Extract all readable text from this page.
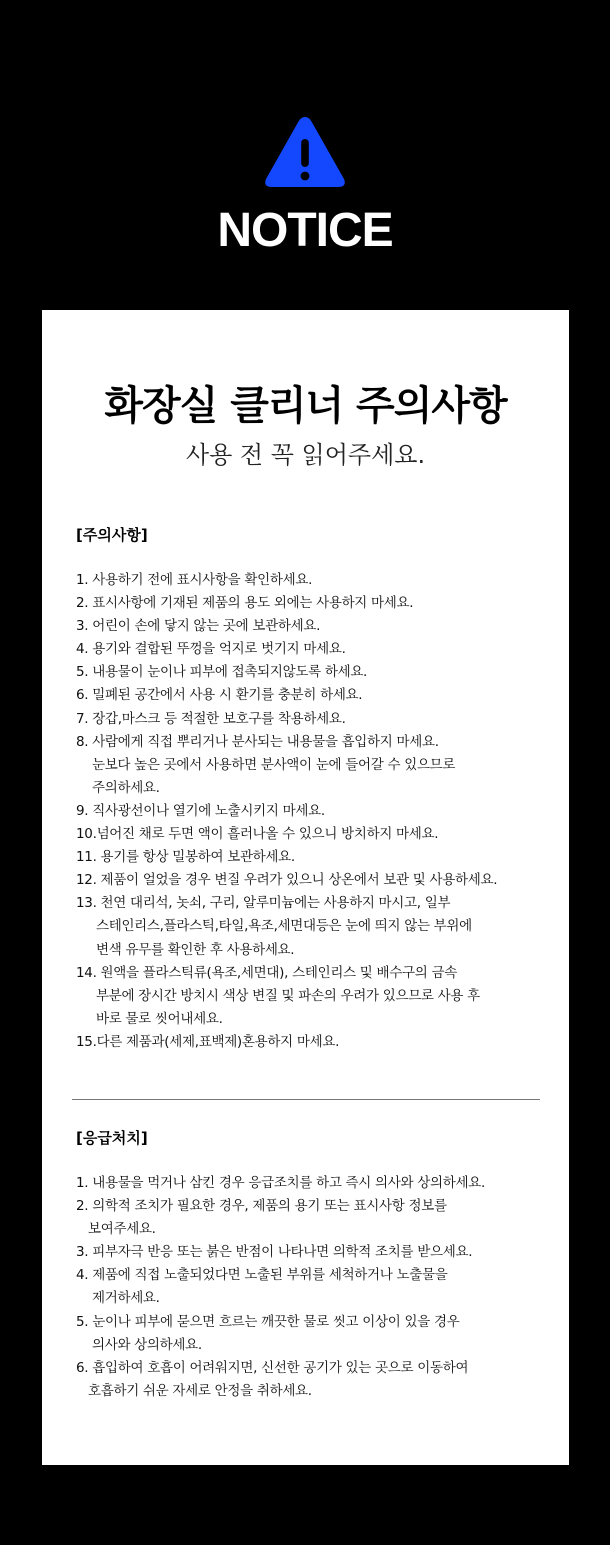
NOTICE
화장실 클리너 주의사항
사용 전 꼭 읽어주세요.
[주의사항]
1. 사용하기 전에 표시사항을 확인하세요.
2. 표시사항에 기재된 제품의 용도 외에는 사용하지 마세요.
3. 어린이 손에 닿지 않는 곳에 보관하세요.
4. 용기와 결합된 뚜껑을 억지로 벗기지 마세요.
5. 내용물이 눈이나 피부에 접촉되지않도록 하세요.
6. 밀폐된 공간에서 사용 시 환기를 충분히 하세요.
7. 장갑,마스크 등 적절한 보호구를 착용하세요.
8. 사람에게 직접 뿌리거나 분사되는 내용물을 흡입하지 마세요.
눈보다 높은 곳에서 사용하면 분사액이 눈에 들어갈 수 있으므로
주의하세요.
9. 직사광선이나 열기에 노출시키지 마세요.
10.넘어진 채로 두면 액이 흘러나올 수 있으니 방치하지 마세요.
11. 용기를 항상 밀봉하여 보관하세요.
12. 제품이 얼었을 경우 변질 우려가 있으니 상온에서 보관 및 사용하세요.
13. 천연 대리석, 놋쇠, 구리, 알루미늄에는 사용하지 마시고, 일부
스테인리스,플라스틱,타일,욕조,세면대등은 눈에 띄지 않는 부위에
변색 유무를 확인한 후 사용하세요.
14. 원액을 플라스틱류(욕조,세면대), 스테인리스 및 배수구의 금속
부분에 장시간 방치시 색상 변질 및 파손의 우려가 있으므로 사용 후
바로 물로 씻어내세요.
15.다른 제품과(세제,표백제)혼용하지 마세요.
[응급처치]
1. 내용물을 먹거나 삼킨 경우 응급조치를 하고 즉시 의사와 상의하세요.
2. 의학적 조치가 필요한 경우, 제품의 용기 또는 표시사항 정보를
보여주세요.
3. 피부자극 반응 또는 붉은 반점이 나타나면 의학적 조치를 받으세요.
4. 제품에 직접 노출되었다면 노출된 부위를 세척하거나 노출물을
제거하세요.
5. 눈이나 피부에 묻으면 흐르는 깨끗한 물로 씻고 이상이 있을 경우
의사와 상의하세요.
6. 흡입하여 호흡이 어려워지면, 신선한 공기가 있는 곳으로 이동하여
호흡하기 쉬운 자세로 안정을 취하세요.
